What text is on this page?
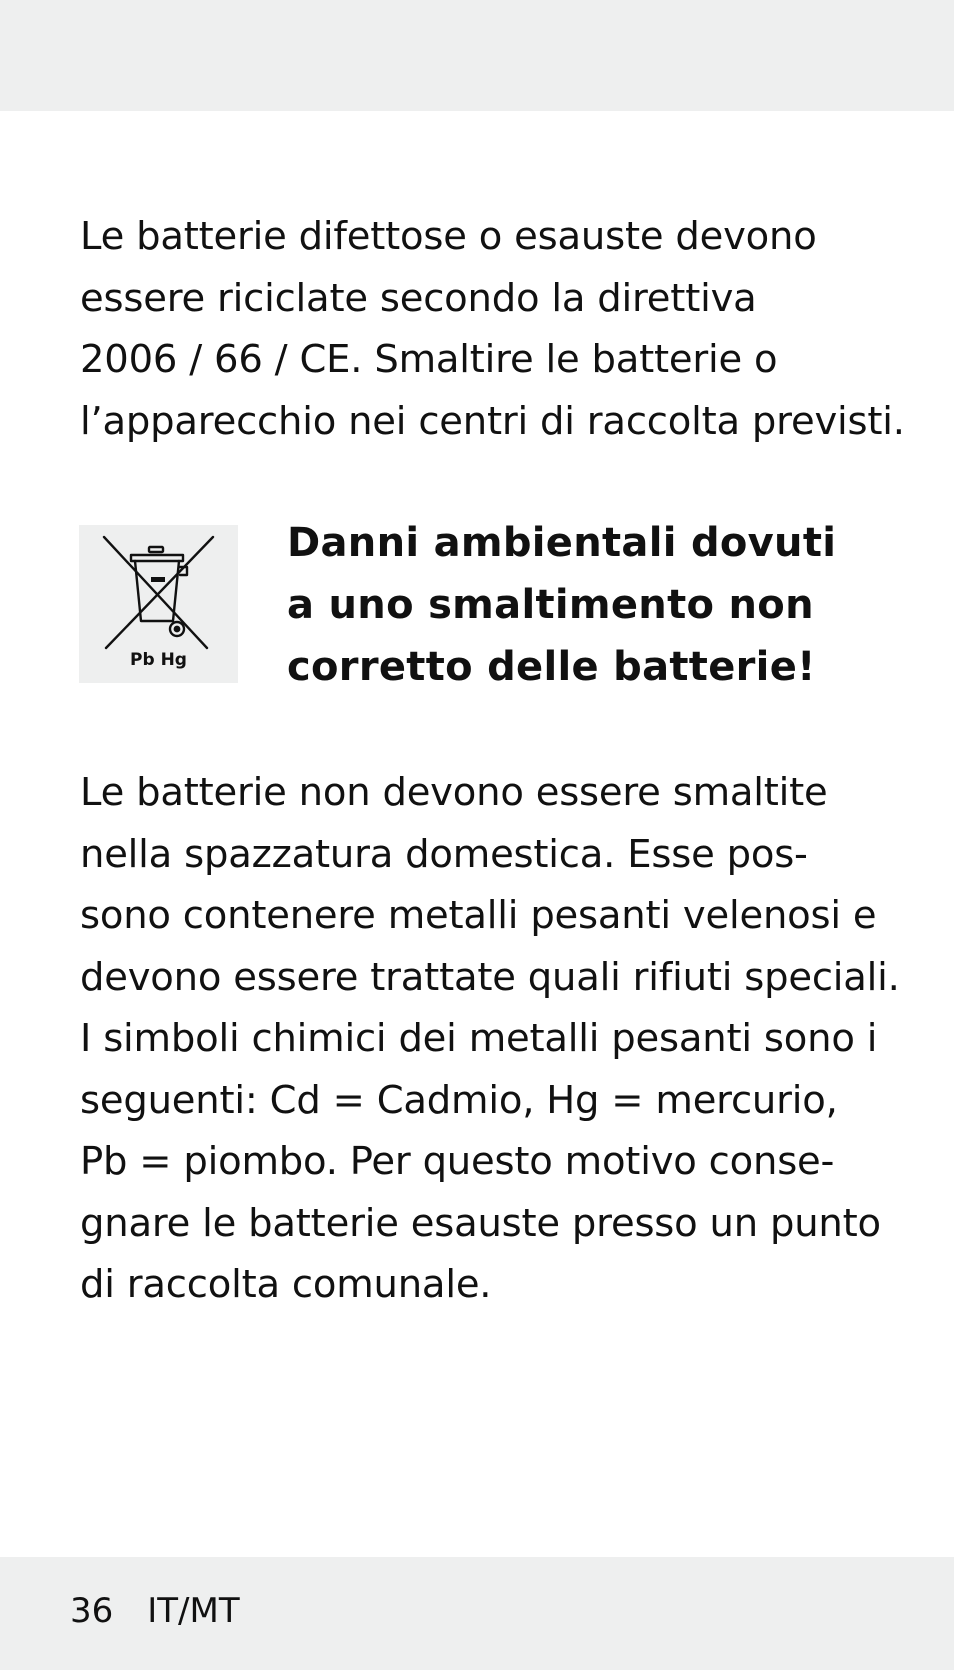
Le batterie difettose o esauste devono
essere riciclate secondo la direttiva
2006 / 66 / CE. Smaltire le batterie o
l’apparecchio nei centri di raccolta previsti.

Pb Hg
Danni ambientali dovuti
a uno smaltimento non
corretto delle batterie!

Le batterie non devono essere smaltite
nella spazzatura domestica. Esse pos-
sono contenere metalli pesanti velenosi e
devono essere trattate quali rifiuti speciali.
I simboli chimici dei metalli pesanti sono i
seguenti: Cd = Cadmio, Hg = mercurio,
Pb = piombo. Per questo motivo conse-
gnare le batterie esauste presso un punto
di raccolta comunale.

36 IT/MT
